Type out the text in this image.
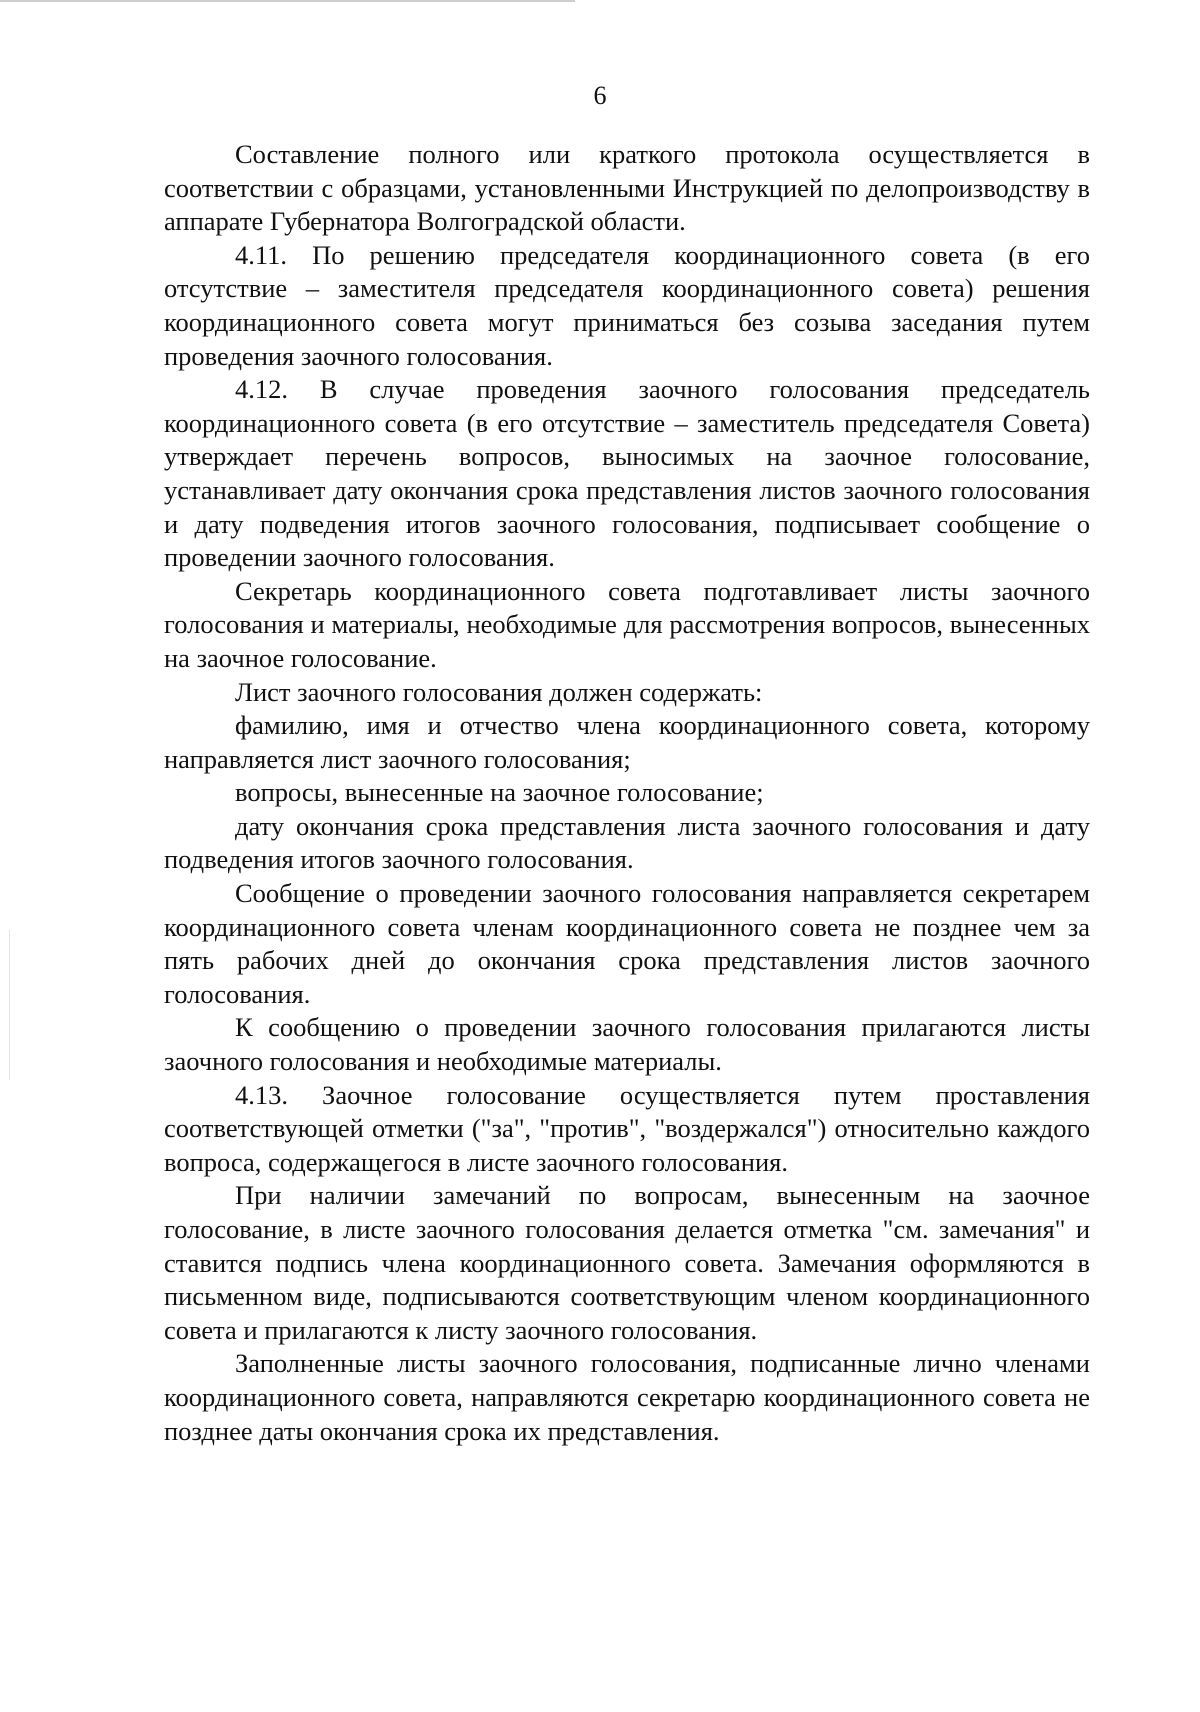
6

Составление полного или краткого протокола осуществляется в соответствии с образцами, установленными Инструкцией по делопроизводству в аппарате Губернатора Волгоградской области.

4.11. По решению председателя координационного совета (в его отсутствие – заместителя председателя координационного совета) решения координационного совета могут приниматься без созыва заседания путем проведения заочного голосования.

4.12. В случае проведения заочного голосования председатель координационного совета (в его отсутствие – заместитель председателя Совета) утверждает перечень вопросов, выносимых на заочное голосование, устанавливает дату окончания срока представления листов заочного голосования и дату подведения итогов заочного голосования, подписывает сообщение о проведении заочного голосования.

Секретарь координационного совета подготавливает листы заочного голосования и материалы, необходимые для рассмотрения вопросов, вынесенных на заочное голосование.

Лист заочного голосования должен содержать:

фамилию, имя и отчество члена координационного совета, которому направляется лист заочного голосования;

вопросы, вынесенные на заочное голосование;

дату окончания срока представления листа заочного голосования и дату подведения итогов заочного голосования.

Сообщение о проведении заочного голосования направляется секретарем координационного совета членам координационного совета не позднее чем за пять рабочих дней до окончания срока представления листов заочного голосования.

К сообщению о проведении заочного голосования прилагаются листы заочного голосования и необходимые материалы.

4.13. Заочное голосование осуществляется путем проставления соответствующей отметки ("за", "против", "воздержался") относительно каждого вопроса, содержащегося в листе заочного голосования.

При наличии замечаний по вопросам, вынесенным на заочное голосование, в листе заочного голосования делается отметка "см. замечания" и ставится подпись члена координационного совета. Замечания оформляются в письменном виде, подписываются соответствующим членом координационного совета и прилагаются к листу заочного голосования.

Заполненные листы заочного голосования, подписанные лично членами координационного совета, направляются секретарю координационного совета не позднее даты окончания срока их представления.
